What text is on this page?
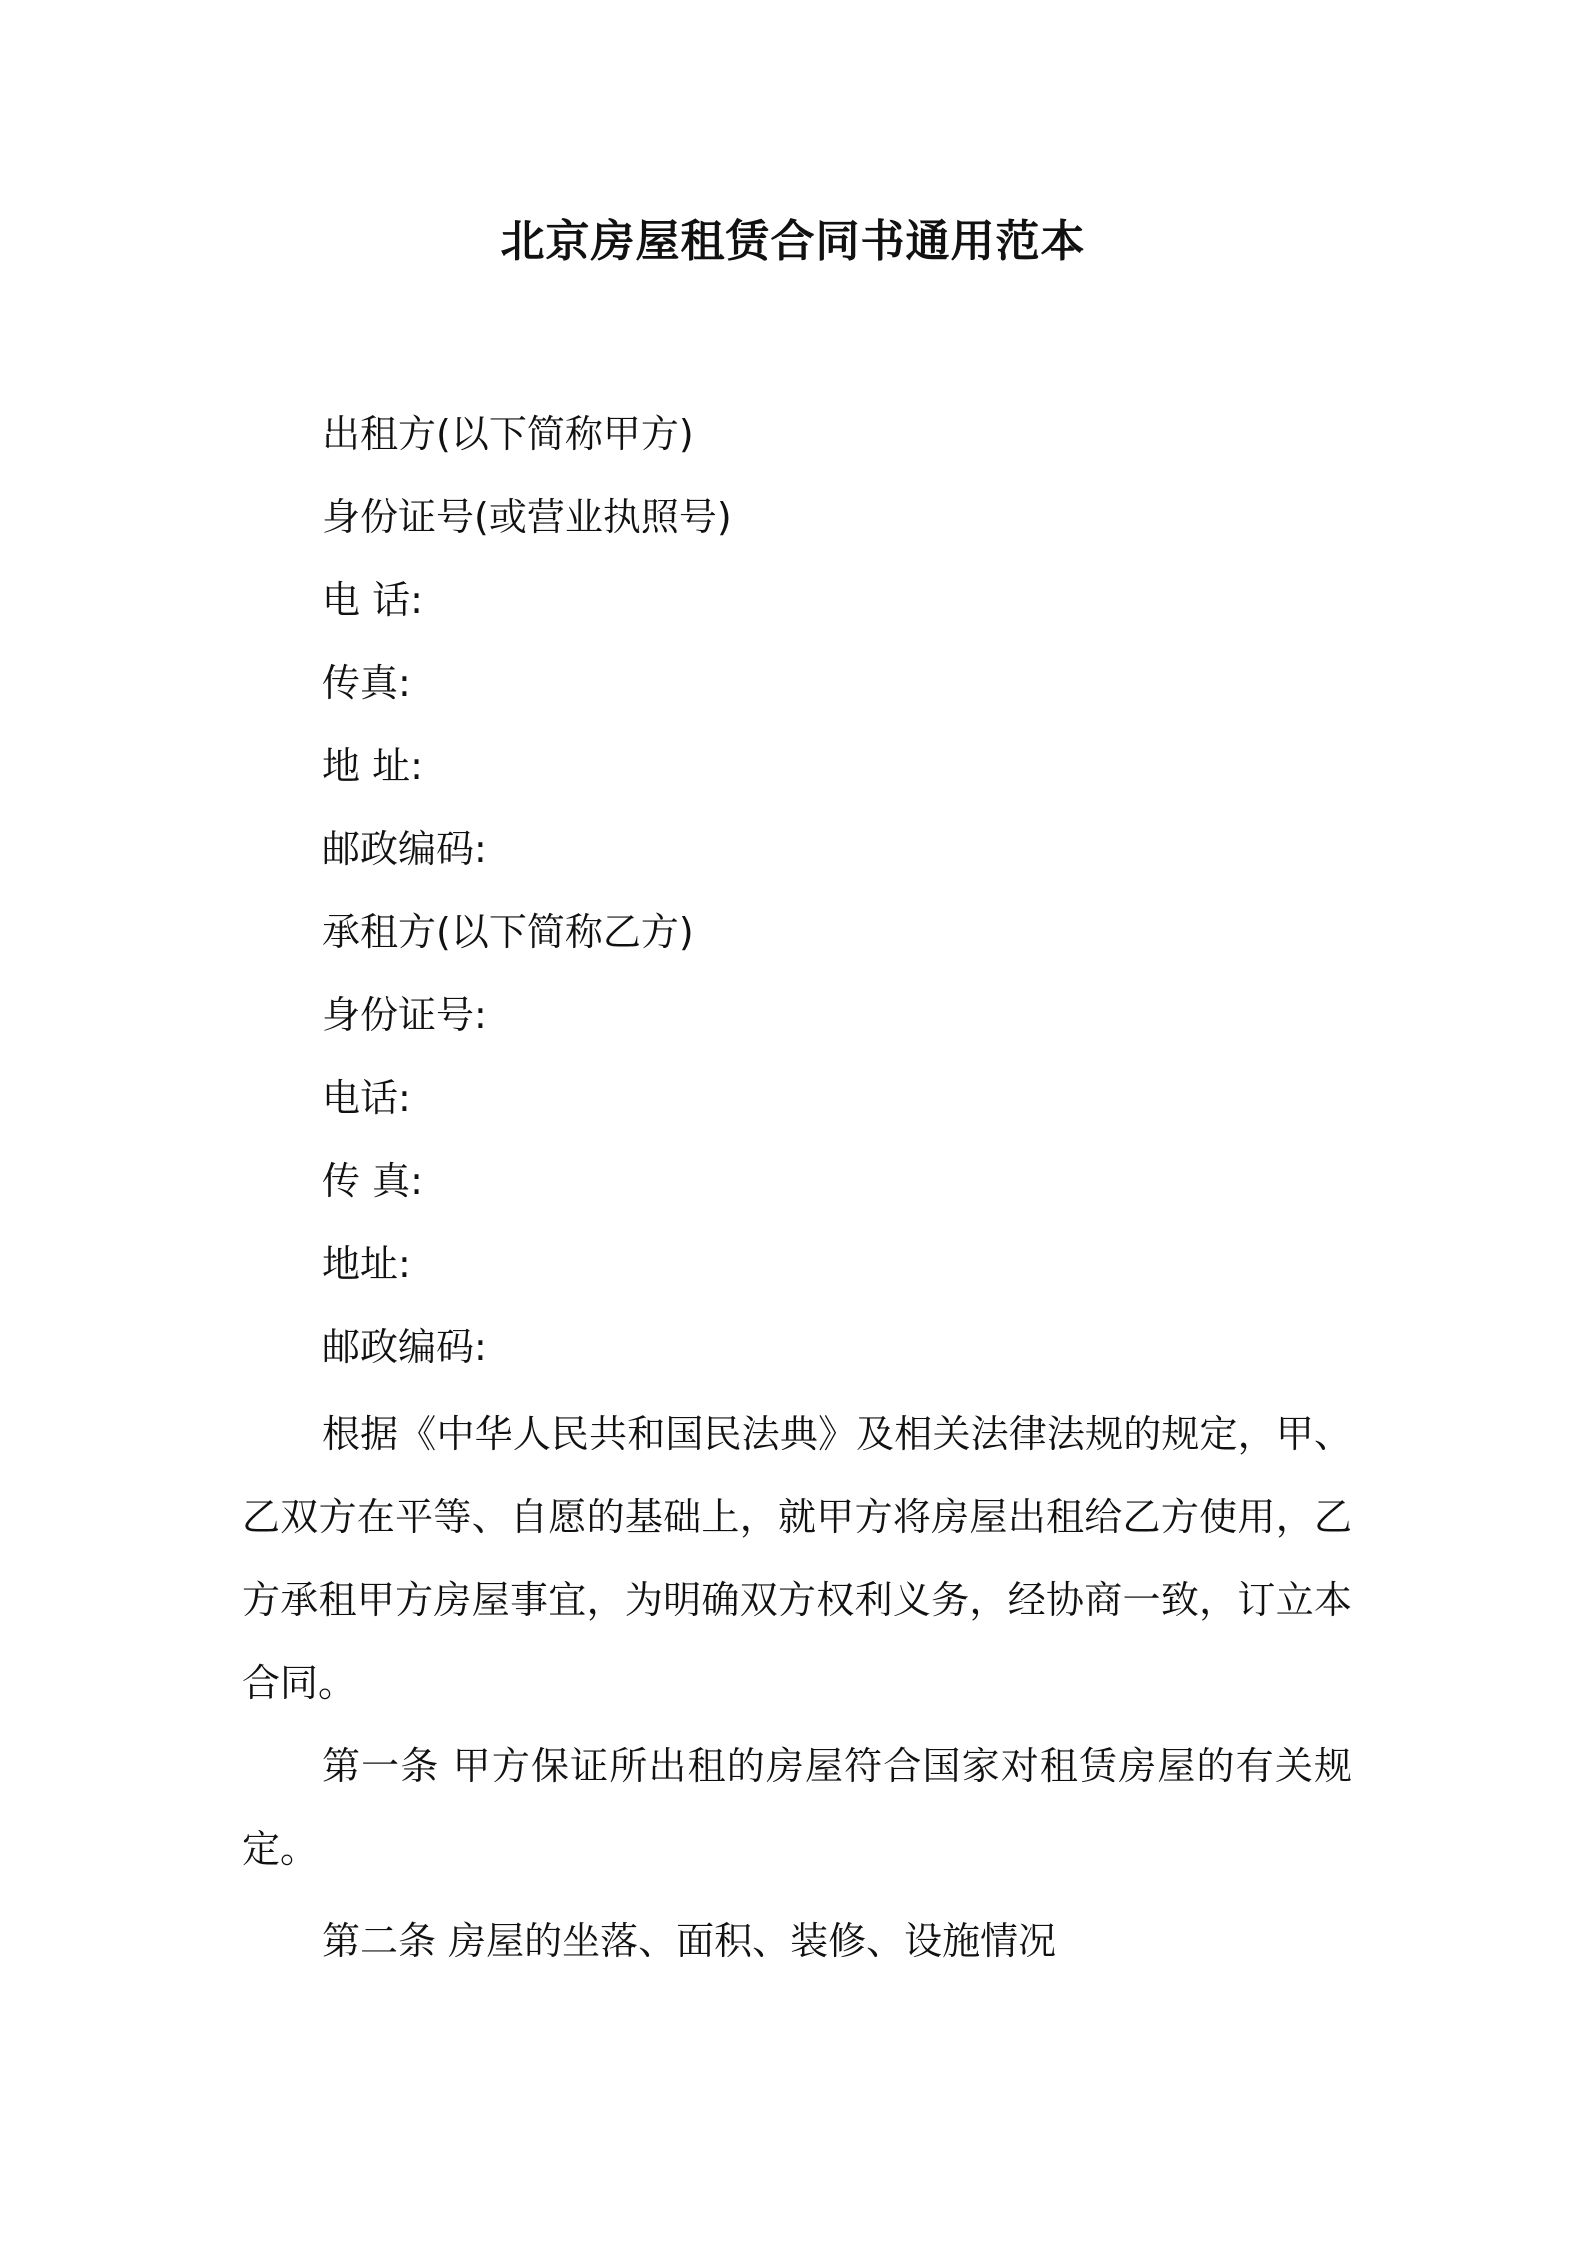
北京房屋租赁合同书通用范本
出租方(以下简称甲方)
身份证号(或营业执照号)
电 话:
传真:
地 址:
邮政编码:
承租方(以下简称乙方)
身份证号:
电话:
传 真:
地址:
邮政编码:
根据《中华人民共和国民法典》及相关法律法规的规定，甲、乙双方在平等、自愿的基础上，就甲方将房屋出租给乙方使用，乙方承租甲方房屋事宜，为明确双方权利义务，经协商一致，订立本合同。
第一条 甲方保证所出租的房屋符合国家对租赁房屋的有关规定。
第二条 房屋的坐落、面积、装修、设施情况
